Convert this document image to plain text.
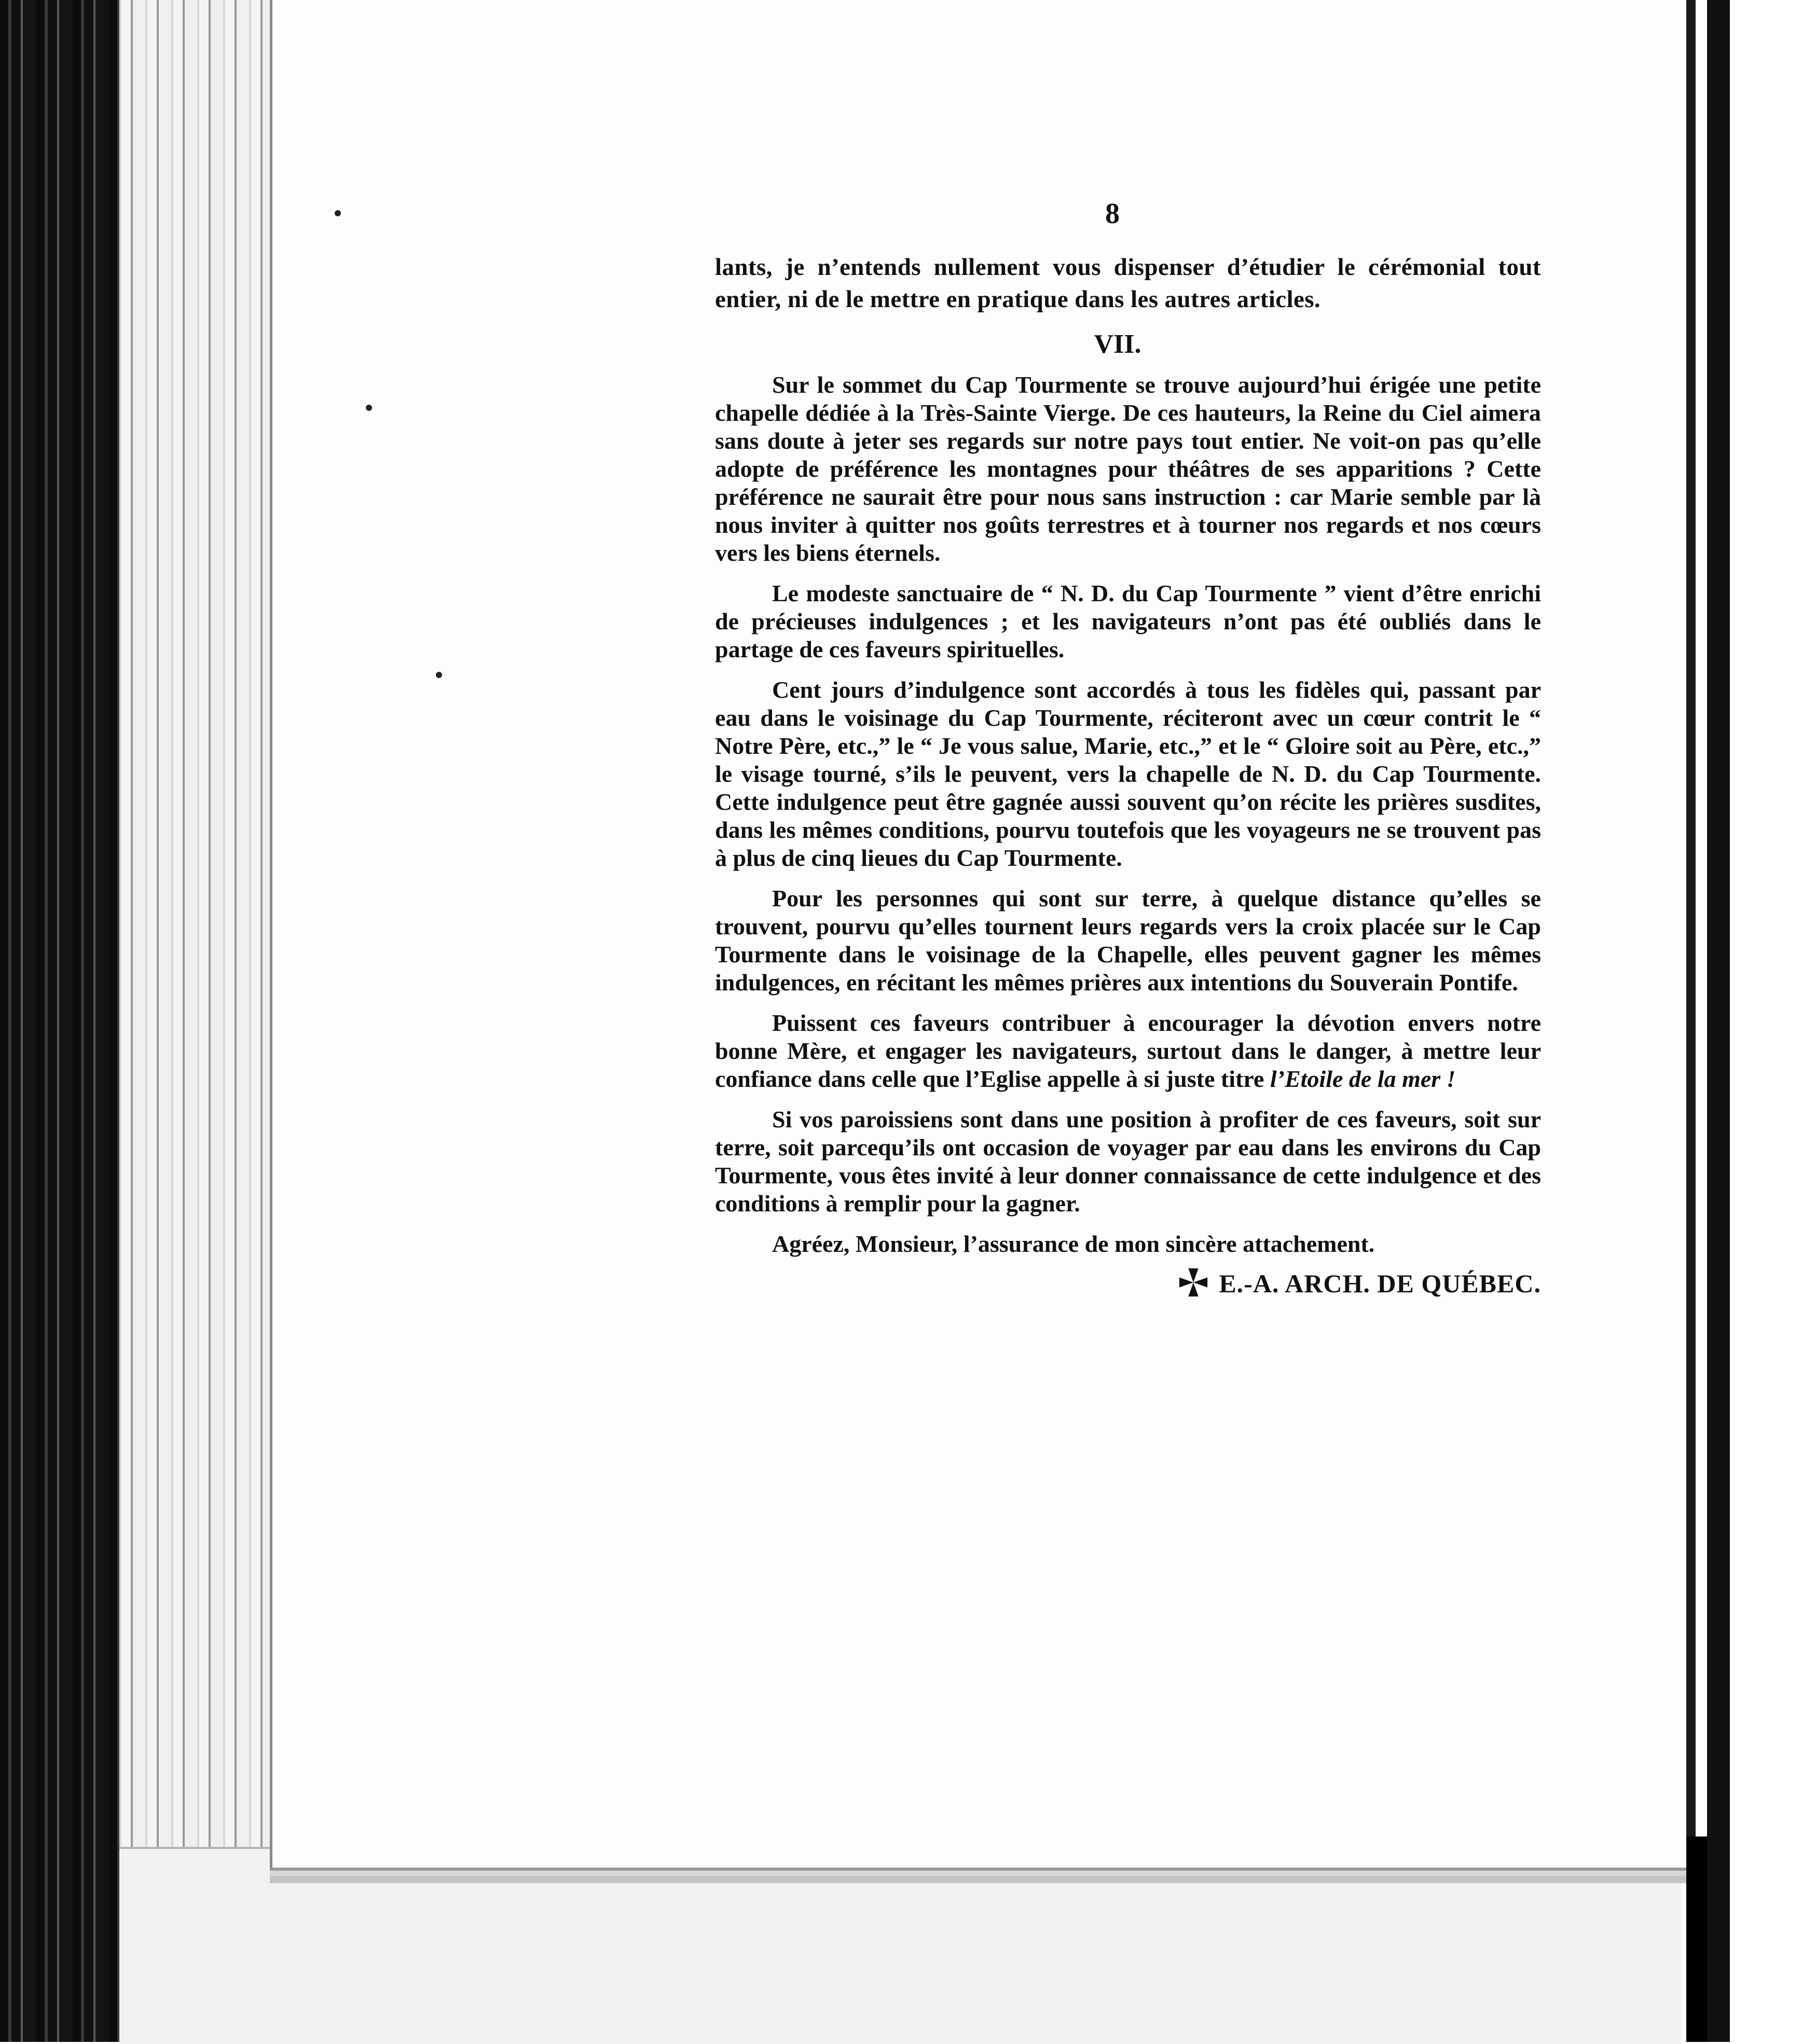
8
lants, je n’entends nullement vous dispenser d’étudier le cérémonial tout entier, ni de le mettre en pratique dans les autres articles.
VII.

Sur le sommet du Cap Tourmente se trouve aujourd’hui érigée une petite chapelle dédiée à la Très-Sainte Vierge. De ces hauteurs, la Reine du Ciel aimera sans doute à jeter ses regards sur notre pays tout entier. Ne voit-on pas qu’elle adopte de préférence les montagnes pour théâtres de ses apparitions ? Cette préférence ne saurait être pour nous sans instruction : car Marie semble par là nous inviter à quitter nos goûts terrestres et à tourner nos regards et nos cœurs vers les biens éternels.

Le modeste sanctuaire de “ N. D. du Cap Tourmente ” vient d’être enrichi de précieuses indulgences ; et les navigateurs n’ont pas été oubliés dans le partage de ces faveurs spirituelles.

Cent jours d’indulgence sont accordés à tous les fidèles qui, passant par eau dans le voisinage du Cap Tourmente, réciteront avec un cœur contrit le “ Notre Père, etc.,” le “ Je vous salue, Marie, etc.,” et le “ Gloire soit au Père, etc.,” le visage tourné, s’ils le peuvent, vers la chapelle de N. D. du Cap Tourmente. Cette indulgence peut être gagnée aussi souvent qu’on récite les prières susdites, dans les mêmes conditions, pourvu toutefois que les voyageurs ne se trouvent pas à plus de cinq lieues du Cap Tourmente.

Pour les personnes qui sont sur terre, à quelque distance qu’elles se trouvent, pourvu qu’elles tournent leurs regards vers la croix placée sur le Cap Tourmente dans le voisinage de la Chapelle, elles peuvent gagner les mêmes indulgences, en récitant les mêmes prières aux intentions du Souverain Pontife.

Puissent ces faveurs contribuer à encourager la dévotion envers notre bonne Mère, et engager les navigateurs, surtout dans le danger, à mettre leur confiance dans celle que l’Eglise appelle à si juste titre l’Etoile de la mer !

Si vos paroissiens sont dans une position à profiter de ces faveurs, soit sur terre, soit parcequ’ils ont occasion de voyager par eau dans les environs du Cap Tourmente, vous êtes invité à leur donner connaissance de cette indulgence et des conditions à remplir pour la gagner.

Agréez, Monsieur, l’assurance de mon sincère attachement.

E.-A. ARCH. DE QUÉBEC.
